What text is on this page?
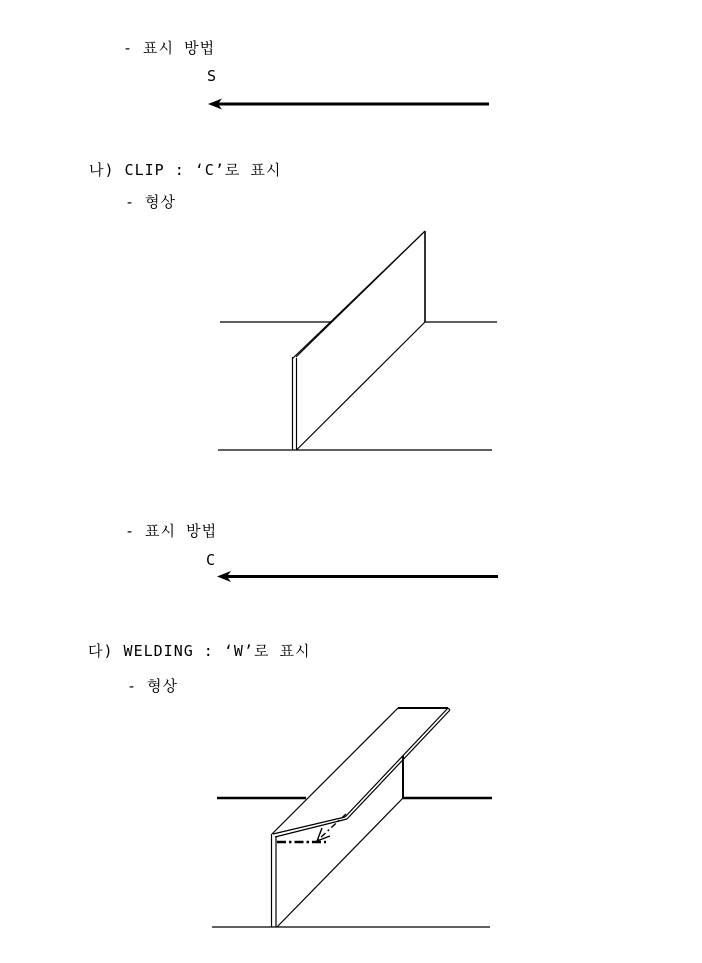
- 표시 방법
S
나) CLIP : ‘C’로 표시
- 형상
- 표시 방법
C
다) WELDING : ‘W’로 표시
- 형상
